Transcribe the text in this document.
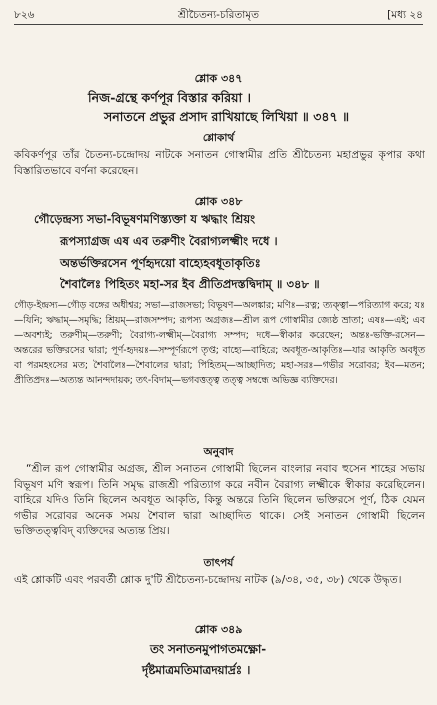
৮২৬	শ্রীচৈতন্য-চরিতামৃত	[মধ্য ২৪
শ্লোক ৩৪৭
নিজ-গ্রন্থে কর্ণপূর বিস্তার করিয়া ।
সনাতনে প্রভুর প্রসাদ রাখিয়াছে লিখিয়া ॥ ৩৪৭ ॥
শ্লোকার্থ

কবিকর্ণপূর তাঁর চৈতন্য-চন্দ্রোদয় নাটকে সনাতন গোস্বামীর প্রতি শ্রীচৈতন্য মহাপ্রভুর কৃপার কথা বিস্তারিতভাবে বর্ণনা করেছেন।

শ্লোক ৩৪৮
গৌড়েন্দ্রস্য সভা-বিভূষণমণিস্ত্যক্তা য ঋদ্ধাং শ্রিয়ং
রূপস্যাগ্রজ এষ এব তরুণীং বৈরাগ্যলক্ষ্মীং দধে ।
অন্তর্ভক্তিরসেন পূর্ণহৃদয়ো বাহ্যেহবধূতাকৃতিঃ
শৈবালৈঃ পিহিতং মহা-সর ইব প্রীতিপ্রদস্তদ্বিদাম্ ॥ ৩৪৮ ॥

গৌড়-ইন্দ্রস্য—গৌড় বঙ্গের অধীশ্বর; সভা—রাজসভা; বিভূষণ—অলঙ্কার; মণিঃ—রত্ন; ত্যক্ত্বা—পরিত্যাগ করে; যঃ—যিনি; ঋদ্ধাম্—সমৃদ্ধি; শ্রিয়ম্—রাজসম্পদ; রূপস্য অগ্রজঃ—শ্রীল রূপ গোস্বামীর জ্যেষ্ঠ ভ্রাতা; এষঃ—এই; এব—অবশ্যই; তরুণীম্—তরুণী; বৈরাগ্য-লক্ষ্মীম্—বৈরাগ্য সম্পদ; দধে—স্বীকার করেছেন; অন্তঃ-ভক্তি-রসেন—অন্তরের ভক্তিরসের দ্বারা; পূর্ণ-হৃদয়ঃ—সম্পূর্ণরূপে তৃপ্ত; বাহ্যে—বাহিরে; অবধূত-আকৃতিঃ—যার আকৃতি অবধূত বা পরমহংসের মত; শৈবালৈঃ—শৈবালের দ্বারা; পিহিতম্—আচ্ছাদিত; মহা-সরঃ—গভীর সরোবর; ইব—মতন; প্রীতিপ্রদঃ—অত্যন্ত আনন্দদায়ক; তৎ-বিদাম্—ভগবত্তত্ত্ব তত্ত্ব সম্বন্ধে অভিজ্ঞ ব্যক্তিদের।

অনুবাদ

“শ্রীল রূপ গোস্বামীর অগ্রজ, শ্রীল সনাতন গোস্বামী ছিলেন বাংলার নবাব হুসেন শাহের সভায় বিভূষণ মণি স্বরূপ। তিনি সমৃদ্ধ রাজশ্রী পরিত্যাগ করে নবীন বৈরাগ্য লক্ষ্মীকে স্বীকার করেছিলেন। বাহিরে যদিও তিনি ছিলেন অবধূত আকৃতি, কিন্তু অন্তরে তিনি ছিলেন ভক্তিরসে পূর্ণ, ঠিক যেমন গভীর সরোবর অনেক সময় শৈবাল দ্বারা আচ্ছাদিত থাকে। সেই সনাতন গোস্বামী ছিলেন ভক্তিতত্ত্ববিদ্ ব্যক্তিদের অত্যন্ত প্রিয়।

তাৎপর্য

এই শ্লোকটি এবং পরবর্তী শ্লোক দু'টি শ্রীচৈতন্য-চন্দ্রোদয় নাটক (৯/৩৪, ৩৫, ৩৮) থেকে উদ্ধৃত।

শ্লোক ৩৪৯
তং সনাতনমুপাগতমক্ষ্ণো-
র্দৃষ্টমাত্রমতিমাত্রদয়ার্দ্রঃ ।
